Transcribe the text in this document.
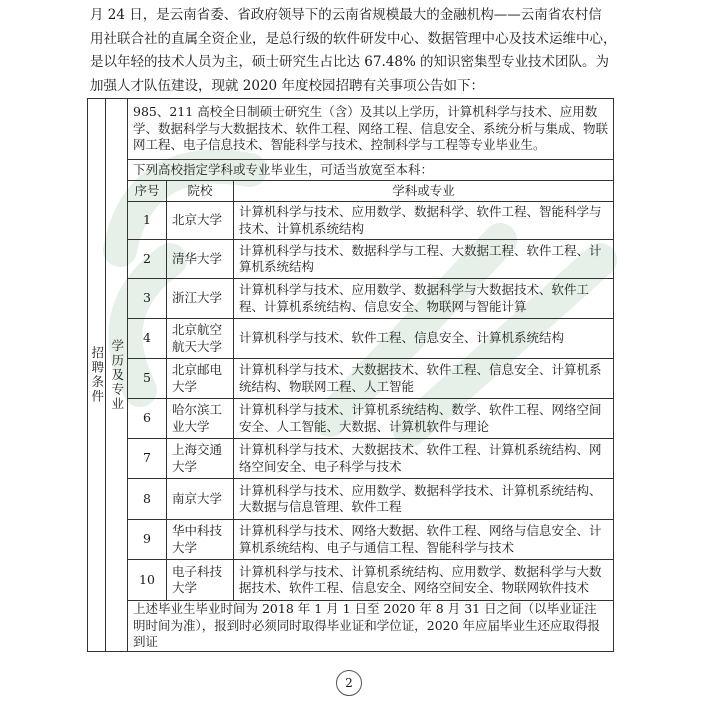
月 24 日，是云南省委、省政府领导下的云南省规模最大的金融机构——云南省农村信
用社联合社的直属全资企业，是总行级的软件研发中心、数据管理中心及技术运维中心，
是以年轻的技术人员为主，硕士研究生占比达 67.48% 的知识密集型专业技术团队。为
加强人才队伍建设，现就 2020 年度校园招聘有关事项公告如下：
招聘条件	学历及专业	985、211 高校全日制硕士研究生（含）及其以上学历，计算机科学与技术、应用数学、数据科学与大数据技术、软件工程、网络工程、信息安全、系统分析与集成、物联网工程、电子信息技术、智能科学与技术、控制科学与工程等专业毕业生。		
		下列高校指定学科或专业毕业生，可适当放宽至本科：		
		序号	院校	学科或专业
		1	北京大学	计算机科学与技术、应用数学、数据科学、软件工程、智能科学与技术、计算机系统结构
		2	清华大学	计算机科学与技术、数据科学与工程、大数据工程、软件工程、计算机系统结构
		3	浙江大学	计算机科学与技术、应用数学、数据科学与大数据技术、软件工程、计算机系统结构、信息安全、物联网与智能计算
		4	北京航空航天大学	计算机科学与技术、软件工程、信息安全、计算机系统结构
		5	北京邮电大学	计算机科学与技术、大数据技术、软件工程、信息安全、计算机系统结构、物联网工程、人工智能
		6	哈尔滨工业大学	计算机科学与技术、计算机系统结构、数学、软件工程、网络空间安全、人工智能、大数据、计算机软件与理论
		7	上海交通大学	计算机科学与技术、大数据技术、软件工程、计算机系统结构、网络空间安全、电子科学与技术
		8	南京大学	计算机科学与技术、应用数学、数据科学技术、计算机系统结构、大数据与信息管理、软件工程
		9	华中科技大学	计算机科学与技术、网络大数据、软件工程、网络与信息安全、计算机系统结构、电子与通信工程、智能科学与技术
		10	电子科技大学	计算机科学与技术、计算机系统结构、应用数学、数据科学与大数据技术、软件工程、信息安全、网络空间安全、物联网软件技术
		上述毕业生毕业时间为 2018 年 1 月 1 日至 2020 年 8 月 31 日之间（以毕业证注明时间为准），报到时必须同时取得毕业证和学位证，2020 年应届毕业生还应取得报到证		
2
